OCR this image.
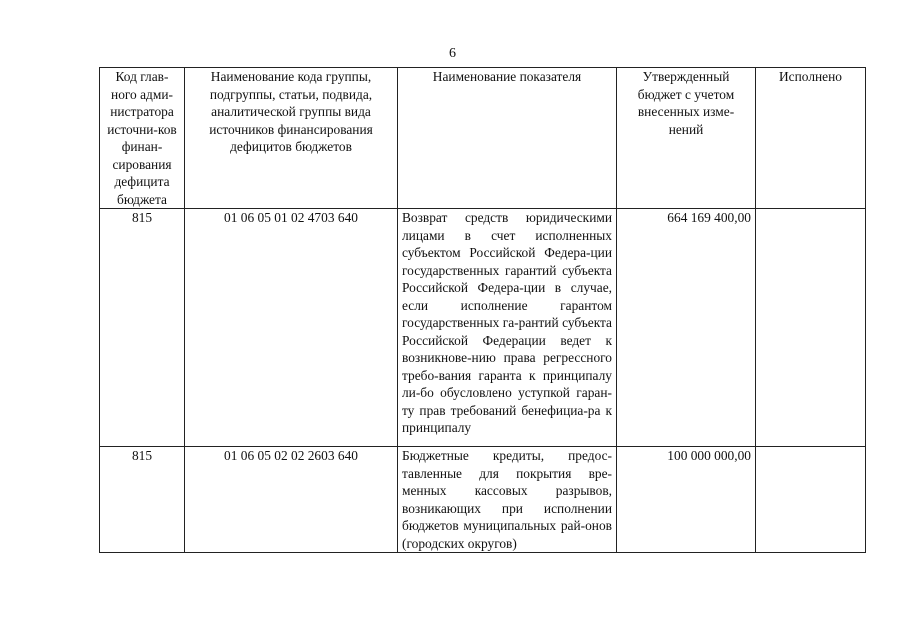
6
Код глав-ного адми-нистратора источни-ков финан-сирования дефицита бюджета	Наименование кода группы, подгруппы, статьи, подвида, аналитической группы вида источников финансирования дефицитов бюджетов	Наименование показателя	Утвержденный бюджет с учетом внесенных изме-нений	Исполнено
815	01 06 05 01 02 4703 640	Возврат средств юридическими лицами в счет исполненных субъектом Российской Федера-ции государственных гарантий субъекта Российской Федера-ции в случае, если исполнение гарантом государственных га-рантий субъекта Российской Федерации ведет к возникнове-нию права регрессного требо-вания гаранта к принципалу ли-бо обусловлено уступкой гаран-ту прав требований бенефициа-ра к принципалу	664 169 400,00	
815	01 06 05 02 02 2603 640	Бюджетные кредиты, предос-тавленные для покрытия вре-менных кассовых разрывов, возникающих при исполнении бюджетов муниципальных рай-онов (городских округов)	100 000 000,00	
